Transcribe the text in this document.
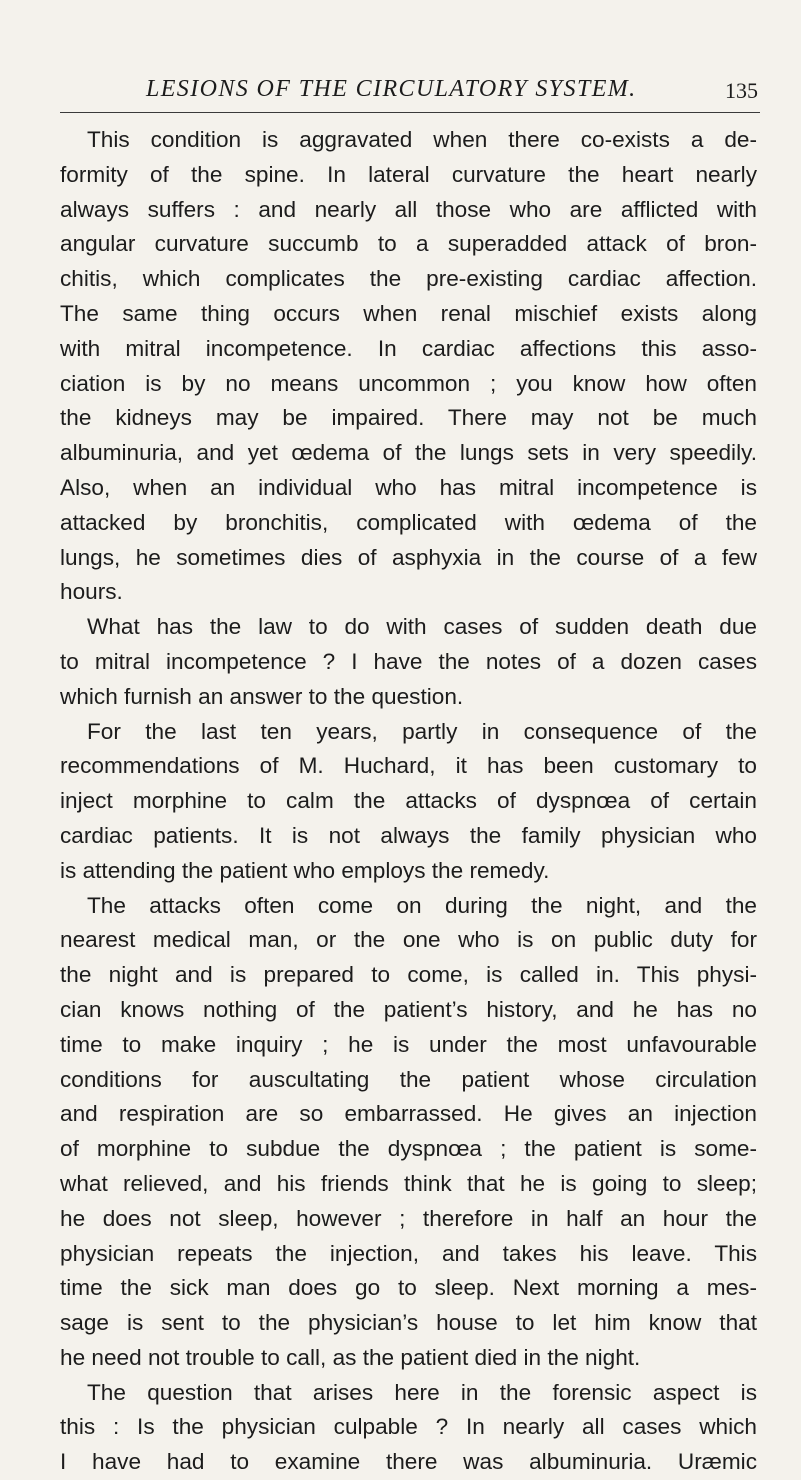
LESIONS OF THE CIRCULATORY SYSTEM.	135
This condition is aggravated when there co-exists a de-
formity of the spine. In lateral curvature the heart nearly
always suffers : and nearly all those who are afflicted with
angular curvature succumb to a superadded attack of bron-
chitis, which complicates the pre-existing cardiac affection.
The same thing occurs when renal mischief exists along
with mitral incompetence. In cardiac affections this asso-
ciation is by no means uncommon ; you know how often
the kidneys may be impaired. There may not be much
albuminuria, and yet œdema of the lungs sets in very speedily.
Also, when an individual who has mitral incompetence is
attacked by bronchitis, complicated with œdema of the
lungs, he sometimes dies of asphyxia in the course of a few
hours.
What has the law to do with cases of sudden death due
to mitral incompetence ? I have the notes of a dozen cases
which furnish an answer to the question.
For the last ten years, partly in consequence of the
recommendations of M. Huchard, it has been customary to
inject morphine to calm the attacks of dyspnœa of certain
cardiac patients. It is not always the family physician who
is attending the patient who employs the remedy.
The attacks often come on during the night, and the
nearest medical man, or the one who is on public duty for
the night and is prepared to come, is called in. This physi-
cian knows nothing of the patient’s history, and he has no
time to make inquiry ; he is under the most unfavourable
conditions for auscultating the patient whose circulation
and respiration are so embarrassed. He gives an injection
of morphine to subdue the dyspnœa ; the patient is some-
what relieved, and his friends think that he is going to sleep;
he does not sleep, however ; therefore in half an hour the
physician repeats the injection, and takes his leave. This
time the sick man does go to sleep. Next morning a mes-
sage is sent to the physician’s house to let him know that
he need not trouble to call, as the patient died in the night.
The question that arises here in the forensic aspect is
this : Is the physician culpable ? In nearly all cases which
I have had to examine there was albuminuria. Uræmic
